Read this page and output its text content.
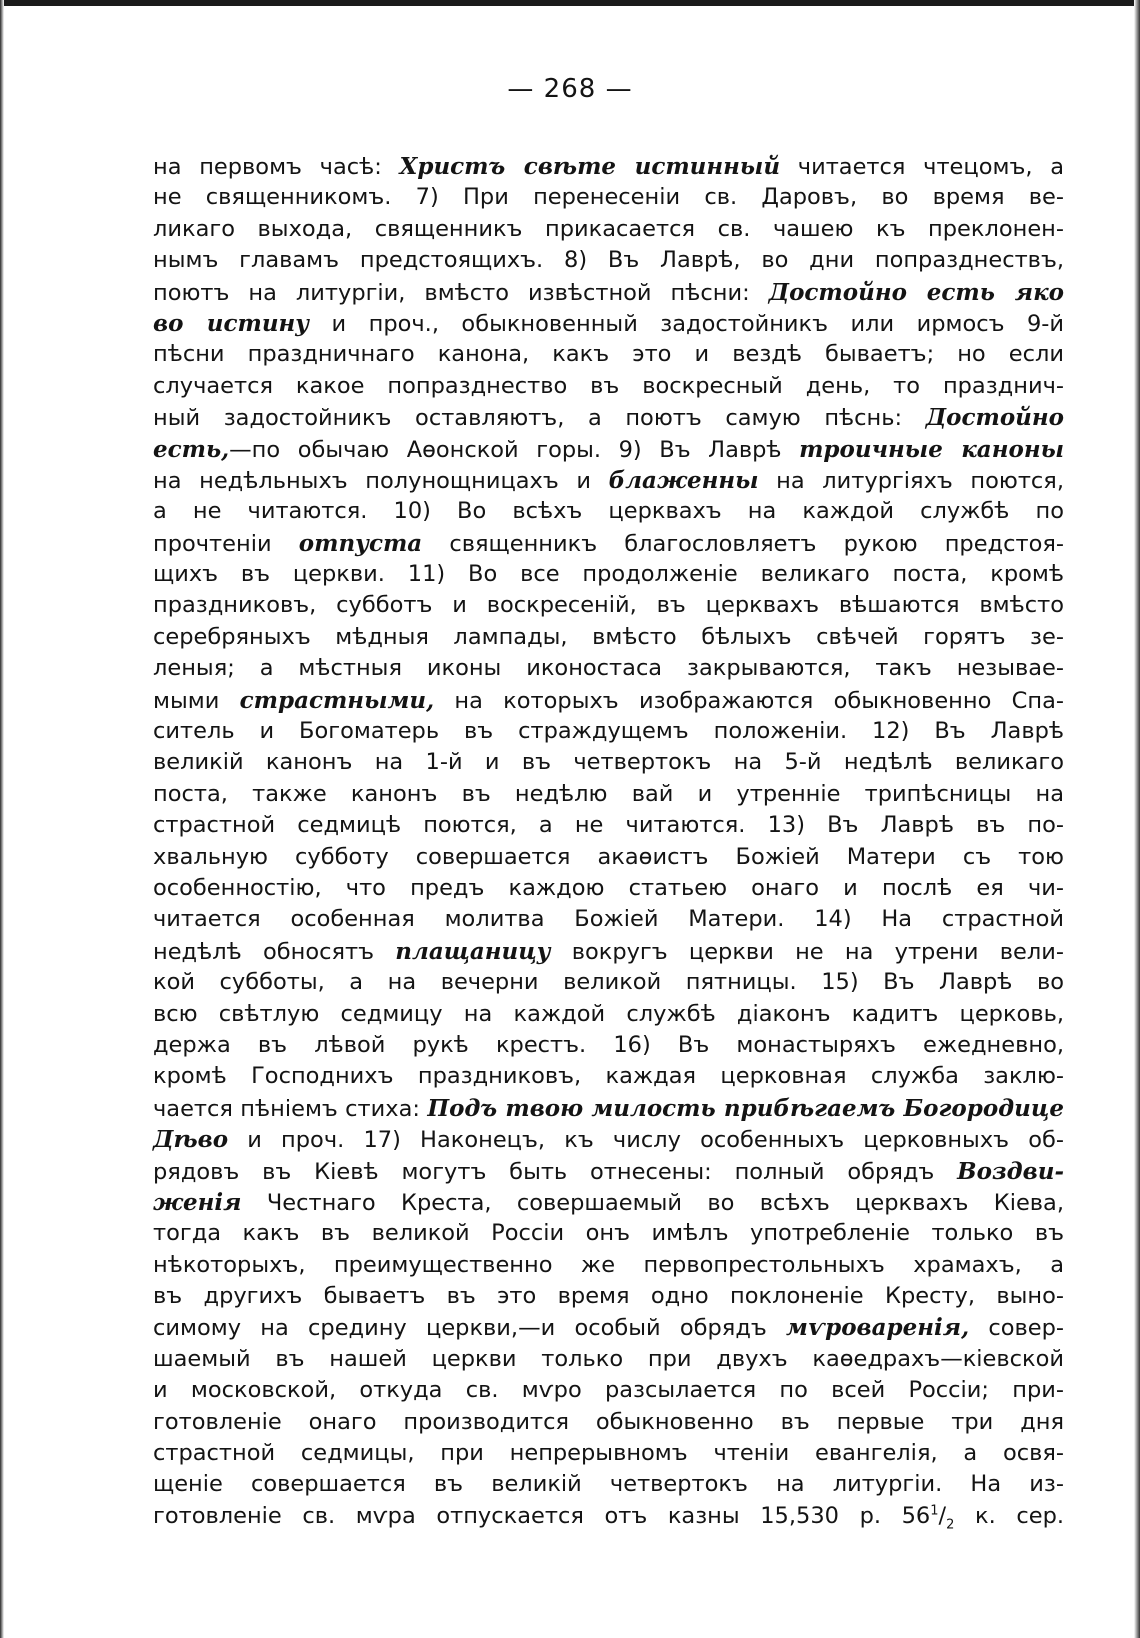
— 268 —
на первомъ часѣ: Христъ свѣте истинный читается чтецомъ, а
не священникомъ. 7) При перенесеніи св. Даровъ, во время ве-
ликаго выхода, священникъ прикасается св. чашею къ преклонен-
нымъ главамъ предстоящихъ. 8) Въ Лаврѣ, во дни попразднествъ,
поютъ на литургіи, вмѣсто извѣстной пѣсни: Достойно есть яко
во истину и проч., обыкновенный задостойникъ или ирмосъ 9-й
пѣсни праздничнаго канона, какъ это и вездѣ бываетъ; но если
случается какое попразднество въ воскресный день, то празднич-
ный задостойникъ оставляютъ, а поютъ самую пѣснь: Достойно
есть,—по обычаю Аѳонской горы. 9) Въ Лаврѣ троичные каноны
на недѣльныхъ полунощницахъ и блаженны на литургіяхъ поются,
а не читаются. 10) Во всѣхъ церквахъ на каждой службѣ по
прочтеніи отпуста священникъ благословляетъ рукою предстоя-
щихъ въ церкви. 11) Во все продолженіе великаго поста, кромѣ
праздниковъ, субботъ и воскресеній, въ церквахъ вѣшаются вмѣсто
серебряныхъ мѣдныя лампады, вмѣсто бѣлыхъ свѣчей горятъ зе-
леныя; а мѣстныя иконы иконостаса закрываются, такъ незывае-
мыми страстными, на которыхъ изображаются обыкновенно Спа-
ситель и Богоматерь въ страждущемъ положеніи. 12) Въ Лаврѣ
великій канонъ на 1-й и въ четвертокъ на 5-й недѣлѣ великаго
поста, также канонъ въ недѣлю вай и утренніе трипѣсницы на
страстной седмицѣ поются, а не читаются. 13) Въ Лаврѣ въ по-
хвальную субботу совершается акаѳистъ Божіей Матери съ тою
особенностію, что предъ каждою статьею онаго и послѣ ея чи-
читается особенная молитва Божіей Матери. 14) На страстной
недѣлѣ обносятъ плащаницу вокругъ церкви не на утрени вели-
кой субботы, а на вечерни великой пятницы. 15) Въ Лаврѣ во
всю свѣтлую седмицу на каждой службѣ діаконъ кадитъ церковь,
держа въ лѣвой рукѣ крестъ. 16) Въ монастыряхъ ежедневно,
кромѣ Господнихъ праздниковъ, каждая церковная служба заклю-
чается пѣніемъ стиха: Подъ твою милость прибѣгаемъ Богородице
Дѣво и проч. 17) Наконецъ, къ числу особенныхъ церковныхъ об-
рядовъ въ Кіевѣ могутъ быть отнесены: полный обрядъ Воздви-
женія Честнаго Креста, совершаемый во всѣхъ церквахъ Кіева,
тогда какъ въ великой Россіи онъ имѣлъ употребленіе только въ
нѣкоторыхъ, преимущественно же первопрестольныхъ храмахъ, а
въ другихъ бываетъ въ это время одно поклоненіе Кресту, выно-
симому на средину церкви,—и особый обрядъ мѵроваренія, совер-
шаемый въ нашей церкви только при двухъ каѳедрахъ—кіевской
и московской, откуда св. мѵро разсылается по всей Россіи; при-
готовленіе онаго производится обыкновенно въ первые три дня
страстной седмицы, при непрерывномъ чтеніи евангелія, а освя-
щеніе совершается въ великій четвертокъ на литургіи. На из-
готовленіе св. мѵра отпускается отъ казны 15,530 р. $56^1/_2$ к. сер.
